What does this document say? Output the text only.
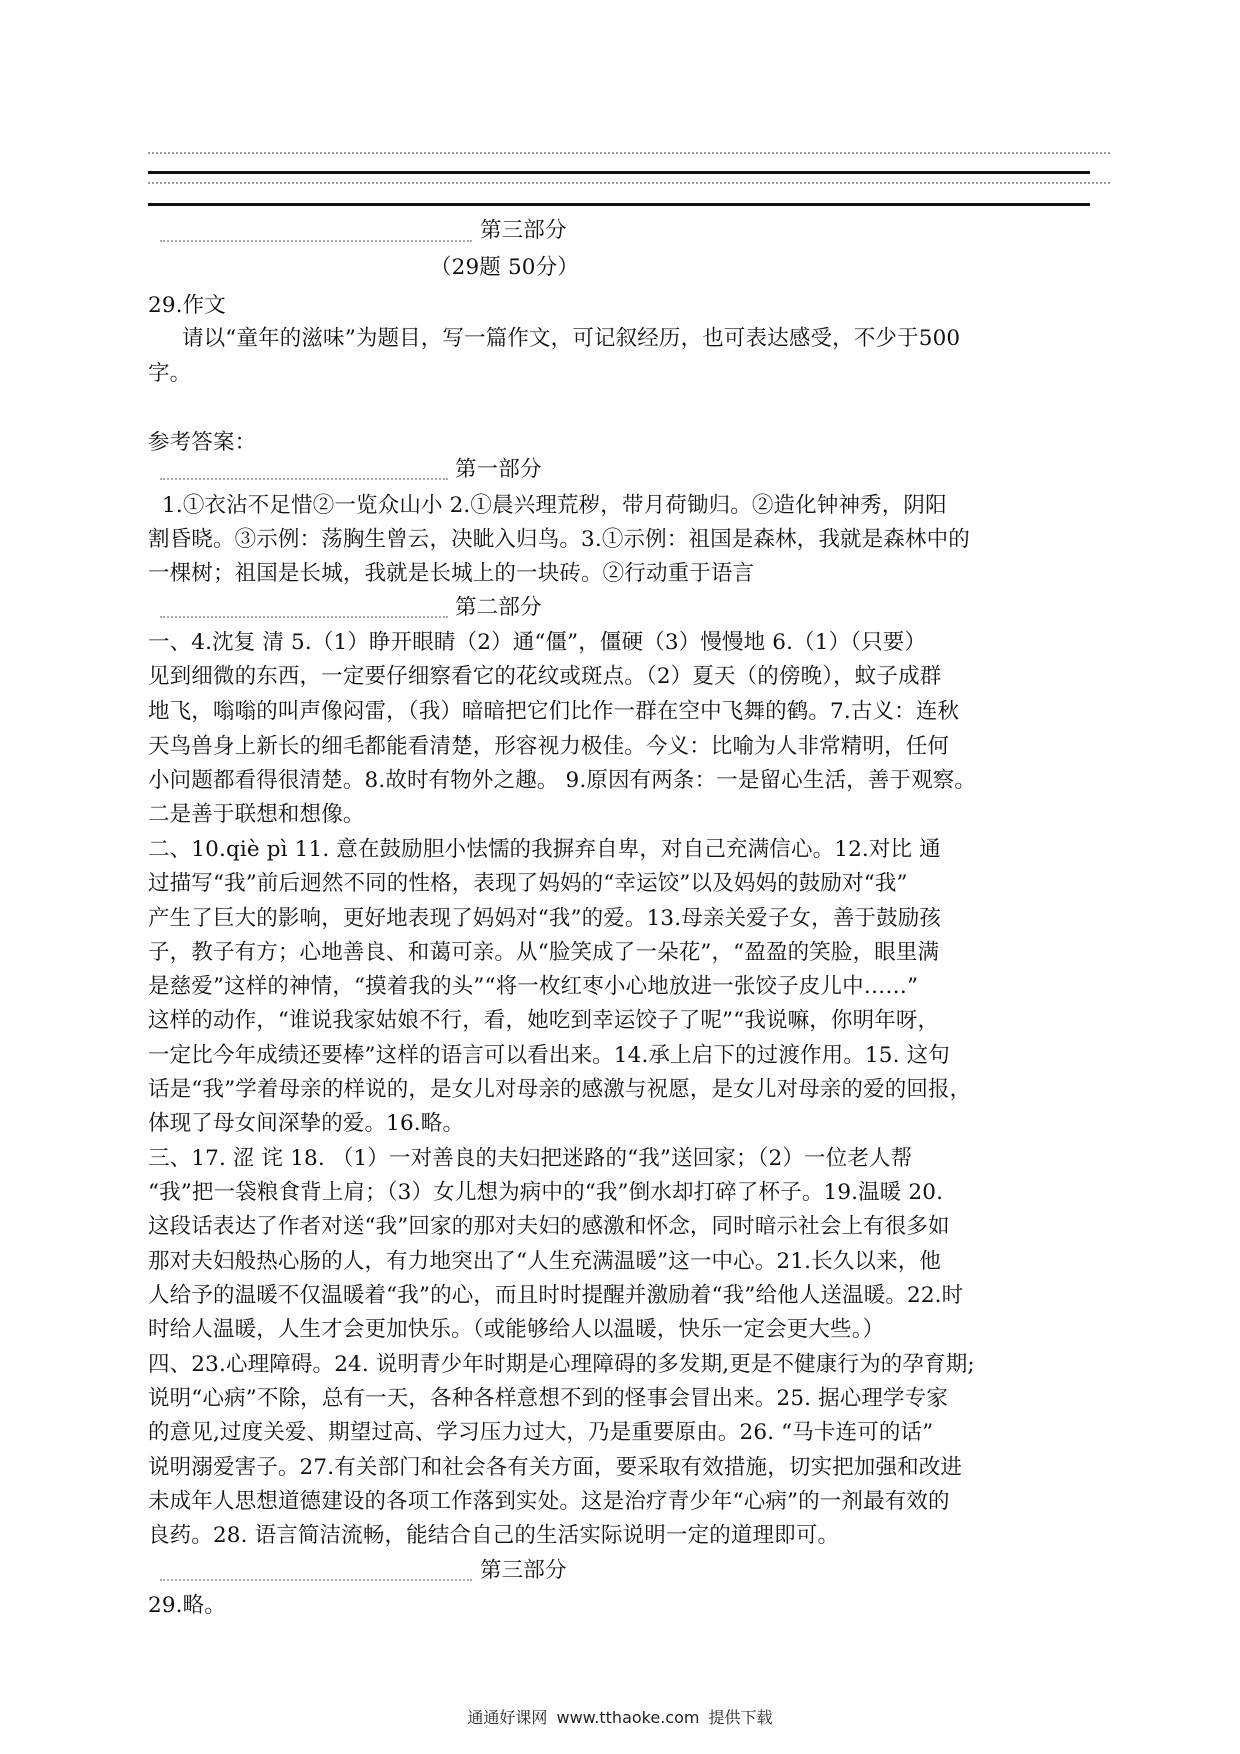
第三部分
（29题 50分）
29.作文
请以“童年的滋味”为题目，写一篇作文，可记叙经历，也可表达感受，不少于500
字。
参考答案：
第一部分
1.①衣沾不足惜②一览众山小 2.①晨兴理荒秽，带月荷锄归。②造化钟神秀，阴阳
割昏晓。③示例：荡胸生曾云，决眦入归鸟。3.①示例：祖国是森林，我就是森林中的
一棵树；祖国是长城，我就是长城上的一块砖。②行动重于语言
第二部分
一、4.沈复 清 5.（1）睁开眼睛（2）通“僵”，僵硬（3）慢慢地 6.（1）（只要）
见到细微的东西，一定要仔细察看它的花纹或斑点。（2）夏天（的傍晚），蚊子成群
地飞，嗡嗡的叫声像闷雷，（我）暗暗把它们比作一群在空中飞舞的鹤。7.古义：连秋
天鸟兽身上新长的细毛都能看清楚，形容视力极佳。今义：比喻为人非常精明，任何
小问题都看得很清楚。8.故时有物外之趣。 9.原因有两条：一是留心生活，善于观察。
二是善于联想和想像。
二、10.qiè pì 11. 意在鼓励胆小怯懦的我摒弃自卑，对自己充满信心。12.对比 通
过描写“我”前后迥然不同的性格，表现了妈妈的“幸运饺”以及妈妈的鼓励对“我”
产生了巨大的影响，更好地表现了妈妈对“我”的爱。13.母亲关爱子女，善于鼓励孩
子，教子有方；心地善良、和蔼可亲。从“脸笑成了一朵花”，“盈盈的笑脸，眼里满
是慈爱”这样的神情，“摸着我的头”“将一枚红枣小心地放进一张饺子皮儿中……”
这样的动作，“谁说我家姑娘不行，看，她吃到幸运饺子了呢”“我说嘛，你明年呀，
一定比今年成绩还要棒”这样的语言可以看出来。14.承上启下的过渡作用。15. 这句
话是“我”学着母亲的样说的，是女儿对母亲的感激与祝愿，是女儿对母亲的爱的回报，
体现了母女间深挚的爱。16.略。
三、17. 涩 诧 18. （1）一对善良的夫妇把迷路的“我”送回家；（2）一位老人帮
“我”把一袋粮食背上肩；（3）女儿想为病中的“我”倒水却打碎了杯子。19.温暖 20.
这段话表达了作者对送“我”回家的那对夫妇的感激和怀念，同时暗示社会上有很多如
那对夫妇般热心肠的人，有力地突出了“人生充满温暖”这一中心。21.长久以来，他
人给予的温暖不仅温暖着“我”的心，而且时时提醒并激励着“我”给他人送温暖。22.时
时给人温暖，人生才会更加快乐。（或能够给人以温暖，快乐一定会更大些。）
四、23.心理障碍。24. 说明青少年时期是心理障碍的多发期,更是不健康行为的孕育期;
说明“心病”不除，总有一天，各种各样意想不到的怪事会冒出来。25. 据心理学专家
的意见,过度关爱、期望过高、学习压力过大，乃是重要原由。26. “马卡连可的话”
说明溺爱害子。27.有关部门和社会各有关方面，要采取有效措施，切实把加强和改进
未成年人思想道德建设的各项工作落到实处。这是治疗青少年“心病”的一剂最有效的
良药。28. 语言简洁流畅，能结合自己的生活实际说明一定的道理即可。
第三部分
29.略。
通通好课网 www.tthaoke.com 提供下载
